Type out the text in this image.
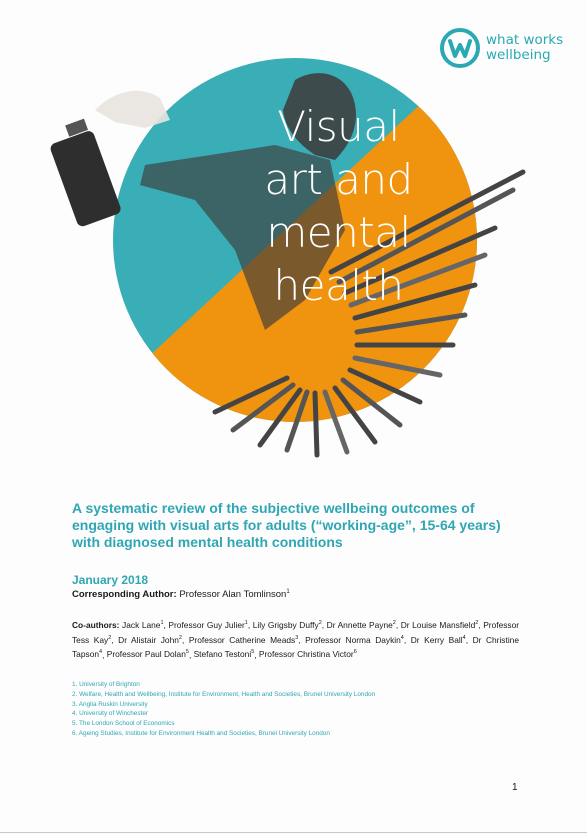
what works
wellbeing
Visual
art and
mental
health
A systematic review of the subjective wellbeing outcomes of engaging with visual arts for adults (“working-age”, 15-64 years) with diagnosed mental health conditions
January 2018
Corresponding Author: Professor Alan Tomlinson$^1$
Co-authors: Jack Lane$^1$, Professor Guy Julier$^1$, Lily Grigsby Duffy$^2$, Dr Annette Payne$^2$, Dr Louise Mansfield$^2$, Professor Tess Kay$^2$, Dr Alistair John$^2$, Professor Catherine Meads$^3$, Professor Norma Daykin$^4$, Dr Kerry Ball$^4$, Dr Christine Tapson$^4$, Professor Paul Dolan$^5$, Stefano Testoni$^5$, Professor Christina Victor$^6$
1. University of Brighton
2. Welfare, Health and Wellbeing, Institute for Environment, Health and Societies, Brunel University London
3. Anglia Ruskin University
4. University of Winchester
5. The London School of Economics
6. Ageing Studies, Institute for Environment Health and Societies, Brunel University London
1
